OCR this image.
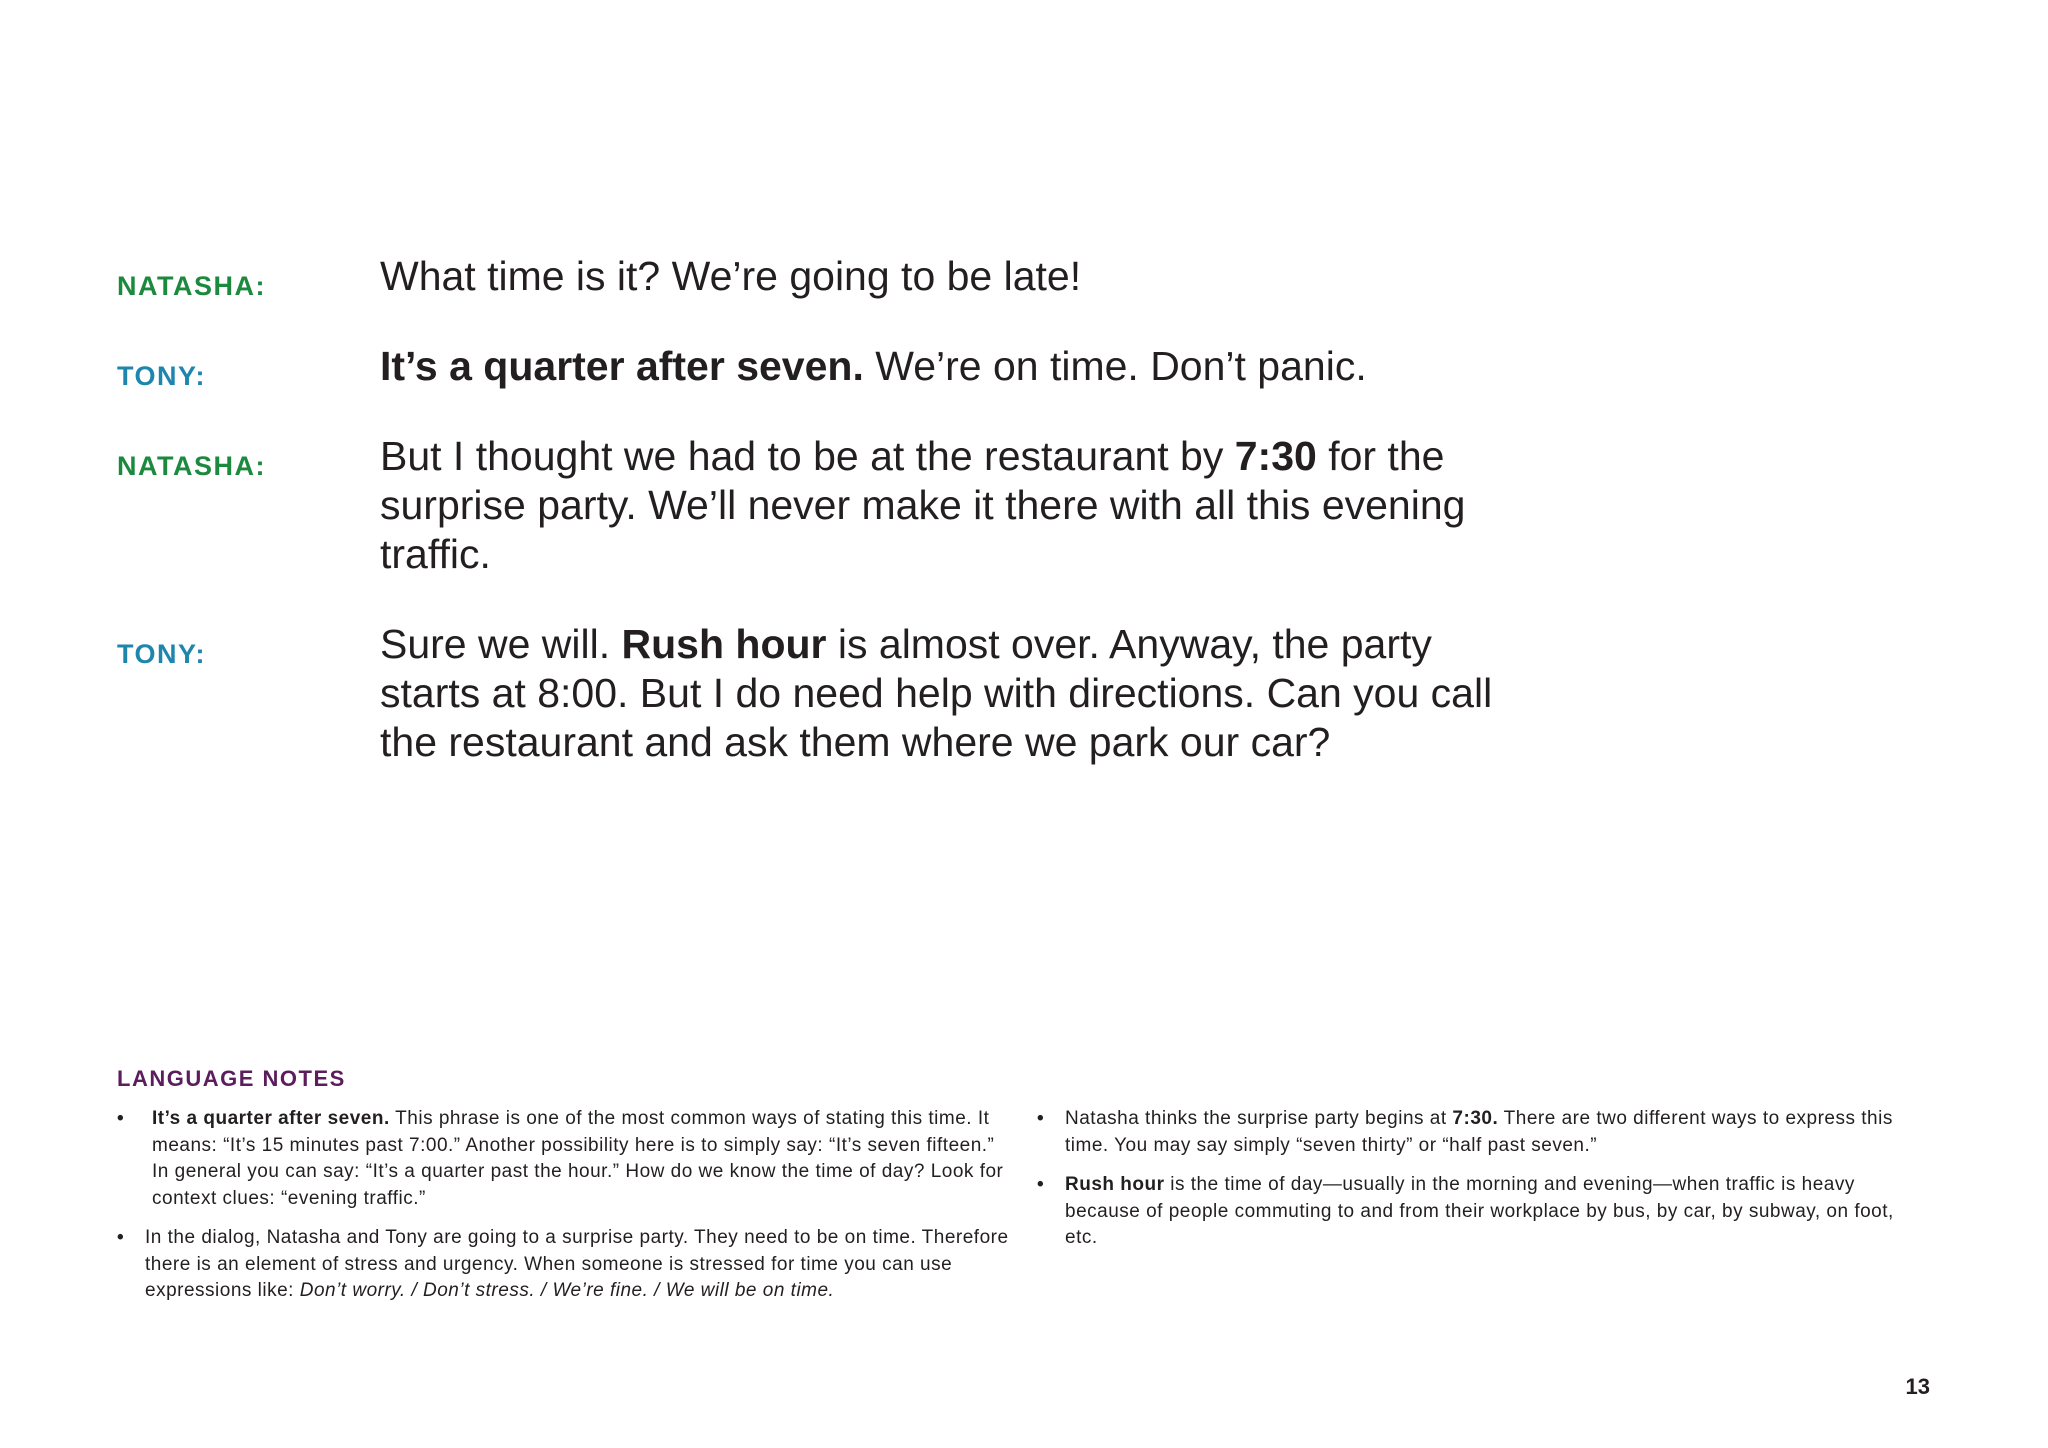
NATASHA:	What time is it? We’re going to be late!
TONY:	It’s a quarter after seven. We’re on time. Don’t panic.
NATASHA:	But I thought we had to be at the restaurant by 7:30 for the surprise party. We’ll never make it there with all this evening traffic.
TONY:	Sure we will. Rush hour is almost over. Anyway, the party starts at 8:00. But I do need help with directions. Can you call the restaurant and ask them where we park our car?
LANGUAGE NOTES
•	It’s a quarter after seven. This phrase is one of the most common ways of stating this time. It means: “It’s 15 minutes past 7:00.” Another possibility here is to simply say: “It’s seven fifteen.” In general you can say: “It’s a quarter past the hour.” How do we know the time of day? Look for context clues: “evening traffic.”
•	In the dialog, Natasha and Tony are going to a surprise party. They need to be on time. Therefore there is an element of stress and urgency. When someone is stressed for time you can use expressions like: Don’t worry. / Don’t stress. / We’re fine. / We will be on time.
•	Natasha thinks the surprise party begins at 7:30. There are two different ways to express this time. You may say simply “seven thirty” or “half past seven.”
•	Rush hour is the time of day—usually in the morning and evening—when traffic is heavy because of people commuting to and from their workplace by bus, by car, by subway, on foot, etc.
13
